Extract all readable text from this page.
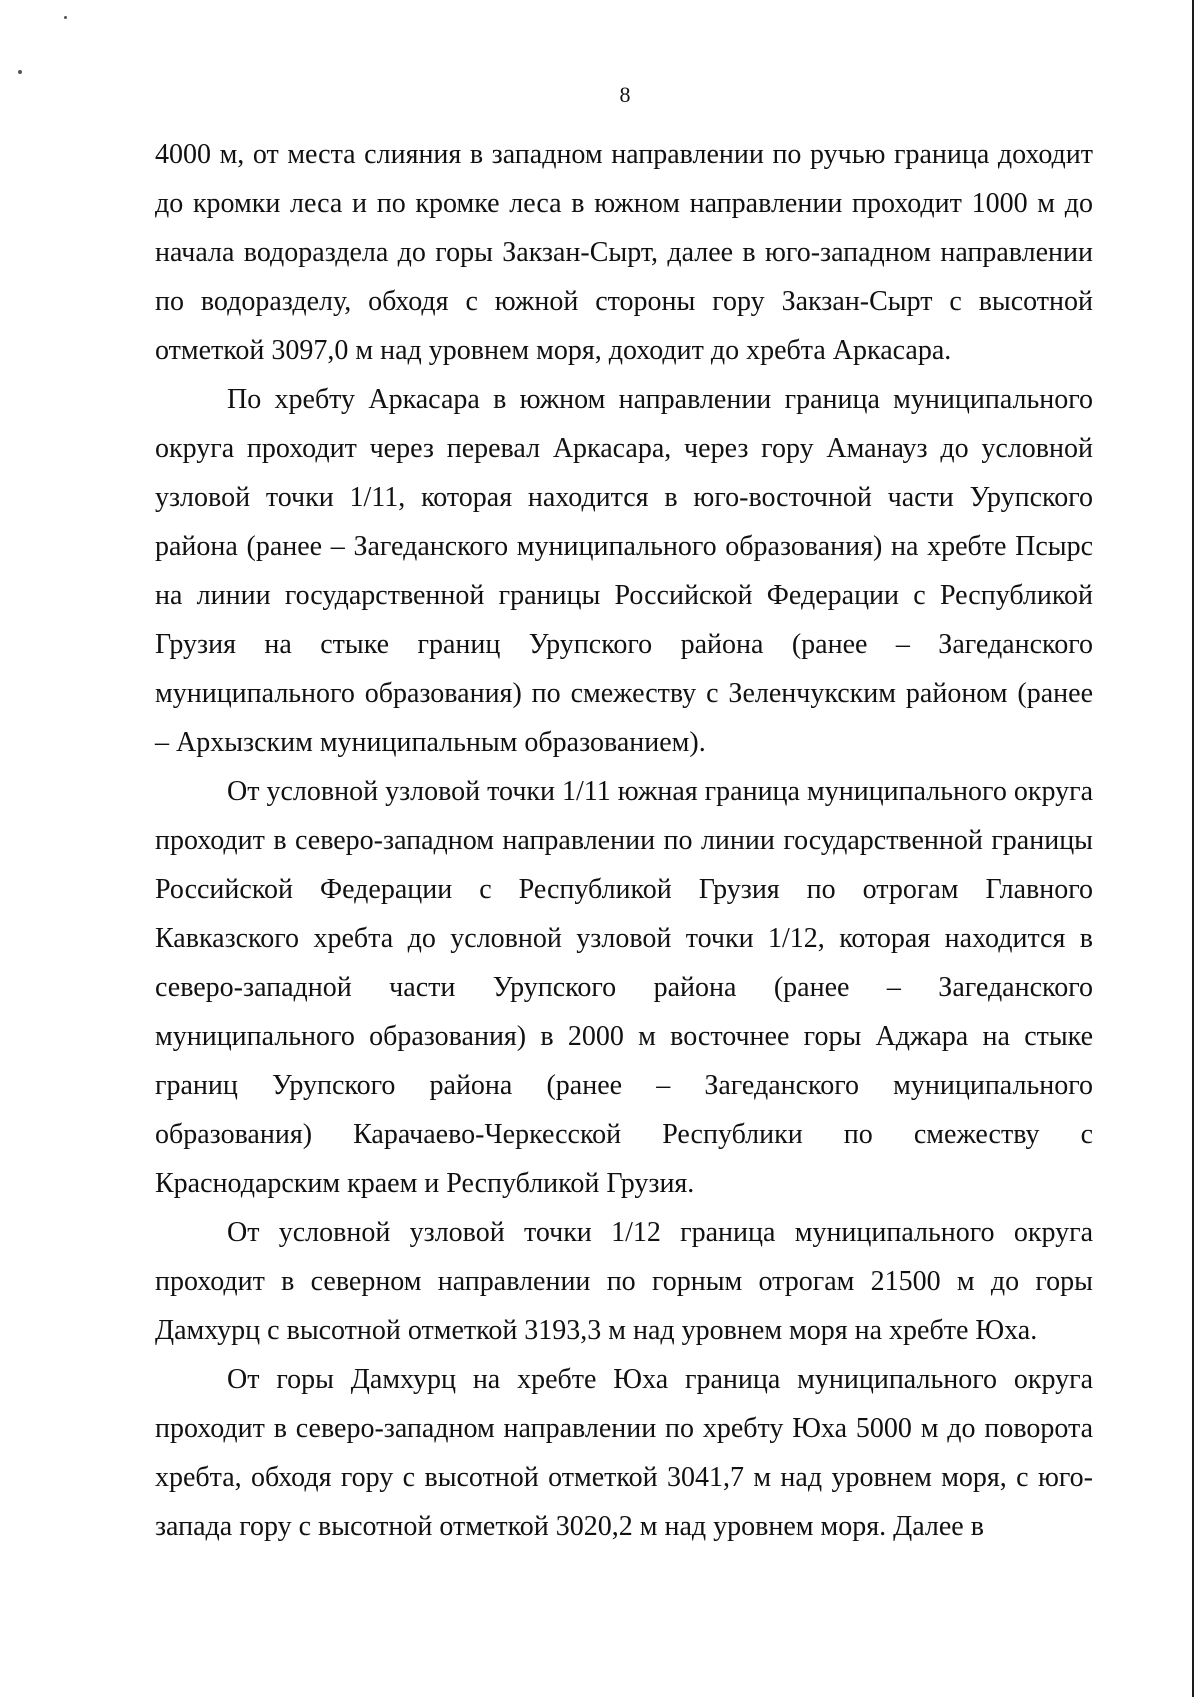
8

4000 м, от места слияния в западном направлении по ручью граница доходит до кромки леса и по кромке леса в южном направлении проходит 1000 м до начала водораздела до горы Закзан-Сырт, далее в юго-западном направлении по водоразделу, обходя с южной стороны гору Закзан-Сырт с высотной отметкой 3097,0 м над уровнем моря, доходит до хребта Аркасара.

По хребту Аркасара в южном направлении граница муниципального округа проходит через перевал Аркасара, через гору Аманауз до условной узловой точки 1/11, которая находится в юго-восточной части Урупского района (ранее – Загеданского муниципального образования) на хребте Псырс на линии государственной границы Российской Федерации с Республикой Грузия на стыке границ Урупского района (ранее – Загеданского муниципального образования) по смежеству с Зеленчукским районом (ранее – Архызским муниципальным образованием).

От условной узловой точки 1/11 южная граница муниципального округа проходит в северо-западном направлении по линии государственной границы Российской Федерации с Республикой Грузия по отрогам Главного Кавказского хребта до условной узловой точки 1/12, которая находится в северо-западной части Урупского района (ранее – Загеданского муниципального образования) в 2000 м восточнее горы Аджара на стыке границ Урупского района (ранее – Загеданского муниципального образования) Карачаево-Черкесской Республики по смежеству с Краснодарским краем и Республикой Грузия.

От условной узловой точки 1/12 граница муниципального округа проходит в северном направлении по горным отрогам 21500 м до горы Дамхурц с высотной отметкой 3193,3 м над уровнем моря на хребте Юха.

От горы Дамхурц на хребте Юха граница муниципального округа проходит в северо-западном направлении по хребту Юха 5000 м до поворота хребта, обходя гору с высотной отметкой 3041,7 м над уровнем моря, с юго-запада гору с высотной отметкой 3020,2 м над уровнем моря. Далее в
